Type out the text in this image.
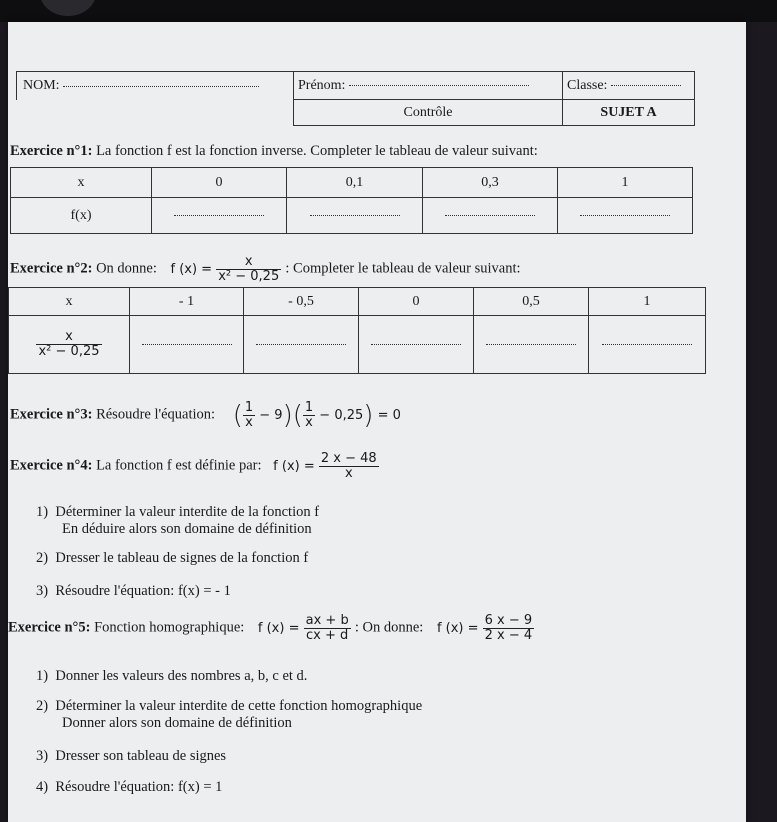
NOM:	Prénom:	Classe:
	Contrôle	SUJET A
Exercice n°1: La fonction f est la fonction inverse. Completer le tableau de valeur suivant:
x	0	0,1	0,3	1
f(x)				
Exercice n°2: On donne: f $(x) = \frac{x}{\text{x² − 0,25}}$ : Completer le tableau de valeur suivant:
x	- 1	- 0,5	0	0,5	1

$\frac{x}{\text{x² − 0,25}}$

Exercice n°3: Résoudre l'équation: ( $\frac{1}{x} - 9)( \frac{1}{x} - 0,25) = 0$
Exercice n°4: La fonction f est définie par: f $(x) = \frac{2 x - 48}{x}$
1) Déterminer la valeur interdite de la fonction f
En déduire alors son domaine de définition
2) Dresser le tableau de signes de la fonction f
3) Résoudre l'équation: f(x) = - 1
Exercice n°5: Fonction homographique: f $(x) = \frac{ax + b}{cx + d}$ : On donne: f $(x) = \frac{6 x - 9}{2 x - 4}$
1) Donner les valeurs des nombres a, b, c et d.
2) Déterminer la valeur interdite de cette fonction homographique
Donner alors son domaine de définition
3) Dresser son tableau de signes
4) Résoudre l'équation: f(x) = 1
